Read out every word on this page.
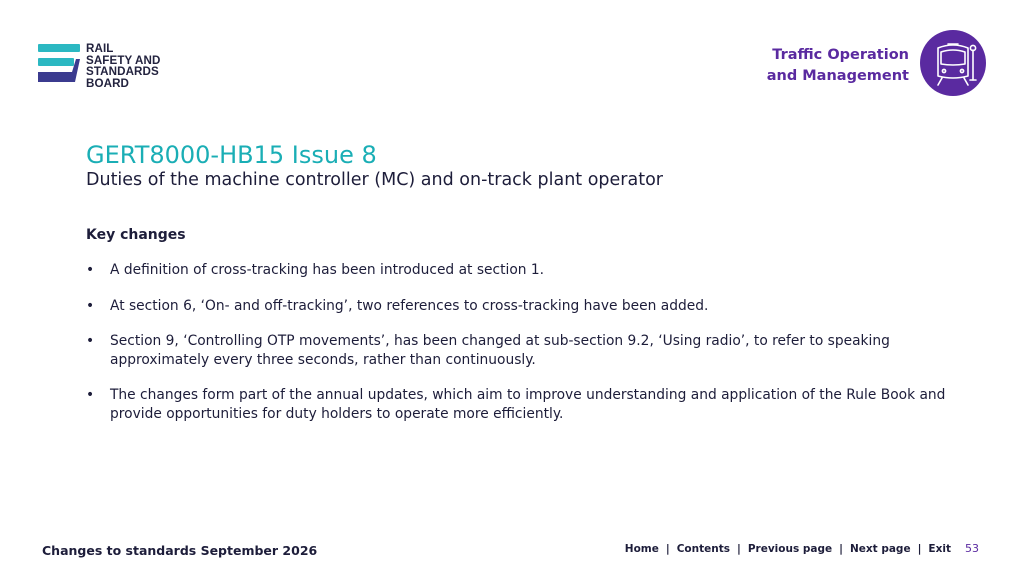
RAIL
SAFETY AND
STANDARDS
BOARD
Traffic Operation
and Management
GERT8000-HB15 Issue 8
Duties of the machine controller (MC) and on-track plant operator
Key changes
• A definition of cross-tracking has been introduced at section 1.
• At section 6, ‘On- and off-tracking’, two references to cross-tracking have been added.
• Section 9, ‘Controlling OTP movements’, has been changed at sub-section 9.2, ‘Using radio’, to refer to speaking approximately every three seconds, rather than continuously.
• The changes form part of the annual updates, which aim to improve understanding and application of the Rule Book and provide opportunities for duty holders to operate more efficiently.
Changes to standards September 2026	Home | Contents | Previous page | Next page | Exit 53
